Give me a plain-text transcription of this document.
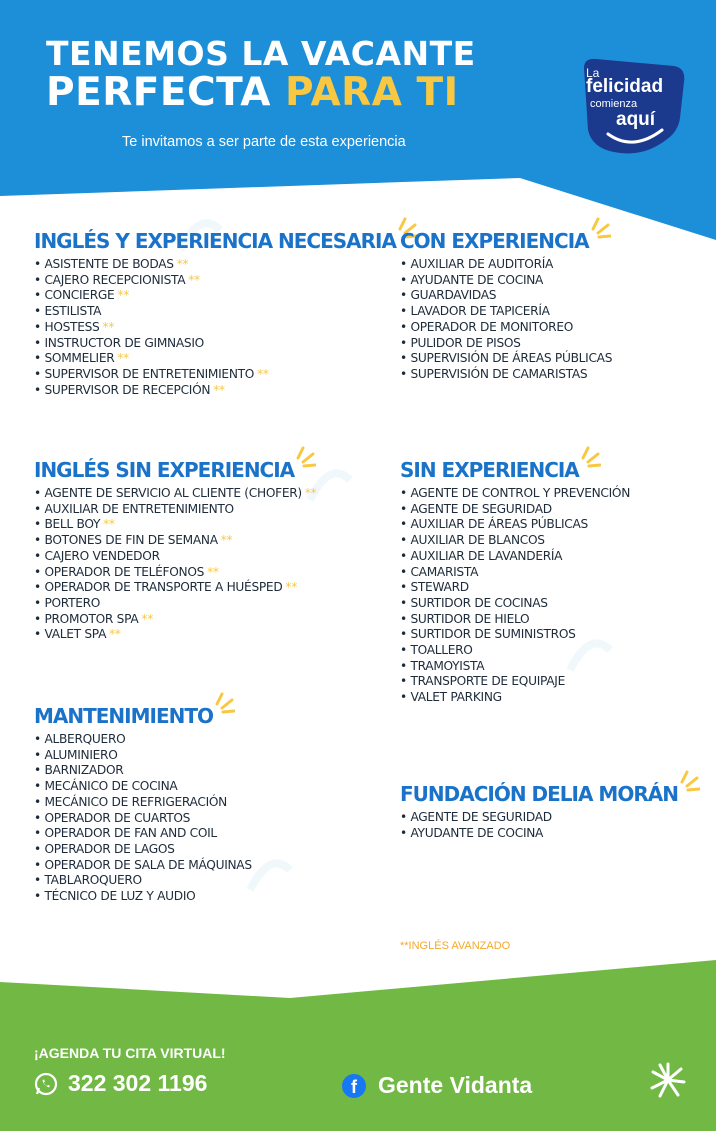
TENEMOS LA VACANTE
PERFECTA PARA TI
Te invitamos a ser parte de esta experiencia
La
felicidad
comienza
aquí
INGLÉS Y EXPERIENCIA NECESARIA
• ASISTENTE DE BODAS **
• CAJERO RECEPCIONISTA **
• CONCIERGE **
• ESTILISTA
• HOSTESS **
• INSTRUCTOR DE GIMNASIO
• SOMMELIER **
• SUPERVISOR DE ENTRETENIMIENTO **
• SUPERVISOR DE RECEPCIÓN **
CON EXPERIENCIA
• AUXILIAR DE AUDITORÍA
• AYUDANTE DE COCINA
• GUARDAVIDAS
• LAVADOR DE TAPICERÍA
• OPERADOR DE MONITOREO
• PULIDOR DE PISOS
• SUPERVISIÓN DE ÁREAS PÚBLICAS
• SUPERVISIÓN DE CAMARISTAS
INGLÉS SIN EXPERIENCIA
• AGENTE DE SERVICIO AL CLIENTE (CHOFER) **
• AUXILIAR DE ENTRETENIMIENTO
• BELL BOY **
• BOTONES DE FIN DE SEMANA **
• CAJERO VENDEDOR
• OPERADOR DE TELÉFONOS **
• OPERADOR DE TRANSPORTE A HUÉSPED **
• PORTERO
• PROMOTOR SPA **
• VALET SPA **
SIN EXPERIENCIA
• AGENTE DE CONTROL Y PREVENCIÓN
• AGENTE DE SEGURIDAD
• AUXILIAR DE ÁREAS PÚBLICAS
• AUXILIAR DE BLANCOS
• AUXILIAR DE LAVANDERÍA
• CAMARISTA
• STEWARD
• SURTIDOR DE COCINAS
• SURTIDOR DE HIELO
• SURTIDOR DE SUMINISTROS
• TOALLERO
• TRAMOYISTA
• TRANSPORTE DE EQUIPAJE
• VALET PARKING
MANTENIMIENTO
• ALBERQUERO
• ALUMINIERO
• BARNIZADOR
• MECÁNICO DE COCINA
• MECÁNICO DE REFRIGERACIÓN
• OPERADOR DE CUARTOS
• OPERADOR DE FAN AND COIL
• OPERADOR DE LAGOS
• OPERADOR DE SALA DE MÁQUINAS
• TABLAROQUERO
• TÉCNICO DE LUZ Y AUDIO
FUNDACIÓN DELIA MORÁN
• AGENTE DE SEGURIDAD
• AYUDANTE DE COCINA
**INGLÉS AVANZADO
¡AGENDA TU CITA VIRTUAL!
322 302 1196	f Gente Vidanta
